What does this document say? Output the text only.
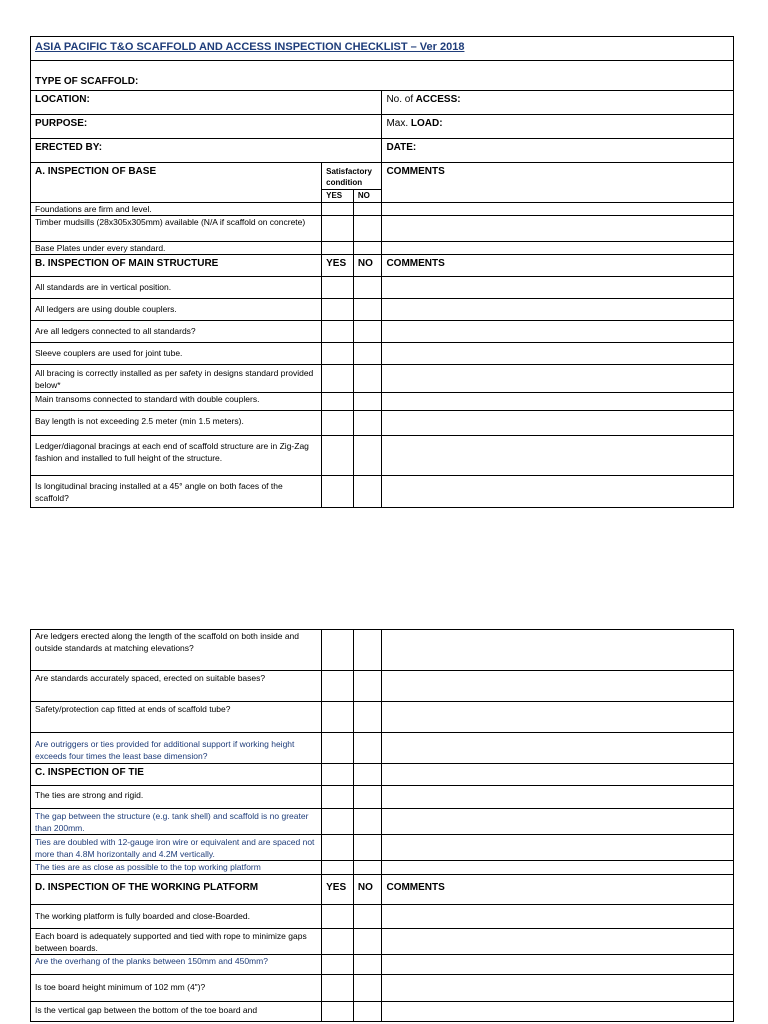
ASIA PACIFIC T&O SCAFFOLD AND ACCESS INSPECTION CHECKLIST – Ver 2018			
TYPE OF SCAFFOLD:			
LOCATION:			No. of ACCESS:
PURPOSE:			Max. LOAD:
ERECTED BY:			DATE:
A. INSPECTION OF BASE	Satisfactory condition		COMMENTS
	YES	NO	
Foundations are firm and level.			
Timber mudsills (28x305x305mm) available (N/A if scaffold on concrete)			
Base Plates under every standard.			
B. INSPECTION OF MAIN STRUCTURE	YES	NO	COMMENTS
All standards are in vertical position.			
All ledgers are using double couplers.			
Are all ledgers connected to all standards?			
Sleeve couplers are used for joint tube.			
All bracing is correctly installed as per safety in designs standard provided below*			
Main transoms connected to standard with double couplers.			
Bay length is not exceeding 2.5 meter (min 1.5 meters).			
Ledger/diagonal bracings at each end of scaffold structure are in Zig-Zag fashion and installed to full height of the structure.			
Is longitudinal bracing installed at a 45° angle on both faces of the scaffold?			
Are ledgers erected along the length of the scaffold on both inside and outside standards at matching elevations?			
Are standards accurately spaced, erected on suitable bases?			
Safety/protection cap fitted at ends of scaffold tube?			
Are outriggers or ties provided for additional support if working height exceeds four times the least base dimension?			
C. INSPECTION OF TIE			
The ties are strong and rigid.			
The gap between the structure (e.g. tank shell) and scaffold is no greater than 200mm.			
Ties are doubled with 12-gauge iron wire or equivalent and are spaced not more than 4.8M horizontally and 4.2M vertically.			
The ties are as close as possible to the top working platform			
D. INSPECTION OF THE WORKING PLATFORM	YES	NO	COMMENTS
The working platform is fully boarded and close-Boarded.			
Each board is adequately supported and tied with rope to minimize gaps between boards.			
Are the overhang of the planks between 150mm and 450mm?			
Is toe board height minimum of 102 mm (4")?			
Is the vertical gap between the bottom of the toe board and			
